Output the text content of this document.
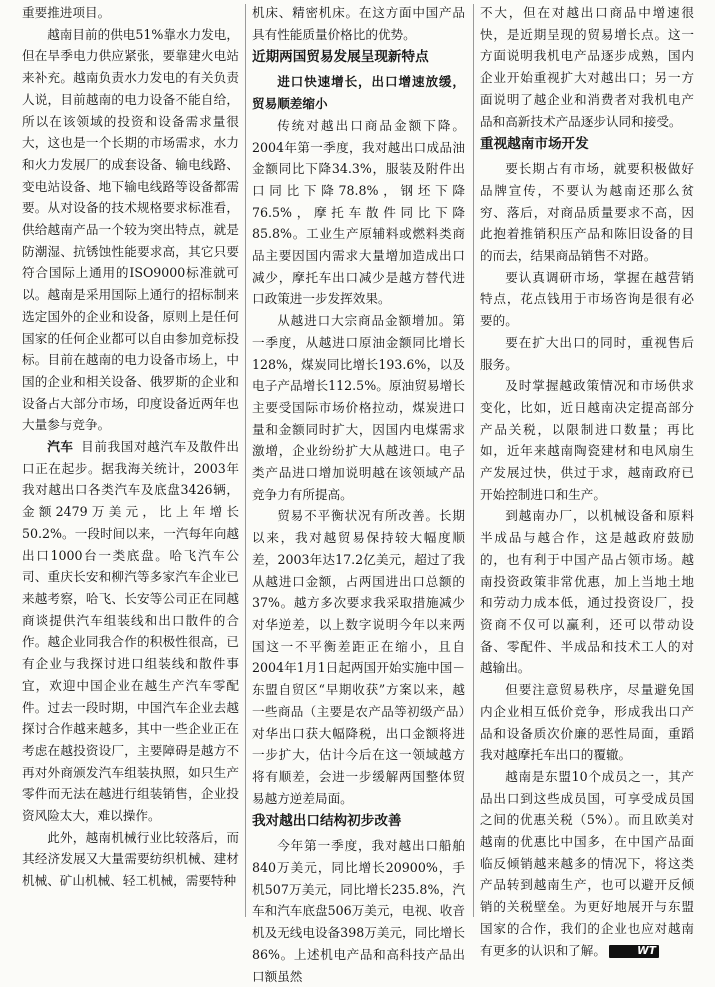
重要推进项目。

越南目前的供电51%靠水力发电，但在旱季电力供应紧张，要靠建火电站来补充。越南负责水力发电的有关负责人说，目前越南的电力设备不能自给，所以在该领域的投资和设备需求量很大，这也是一个长期的市场需求，水力和火力发展厂的成套设备、输电线路、变电站设备、地下输电线路等设备都需要。从对设备的技术规格要求标准看，供给越南产品一个较为突出特点，就是防潮湿、抗锈蚀性能要求高，其它只要符合国际上通用的ISO9000标准就可以。越南是采用国际上通行的招标制来选定国外的企业和设备，原则上是任何国家的任何企业都可以自由参加竞标投标。目前在越南的电力设备市场上，中国的企业和相关设备、俄罗斯的企业和设备占大部分市场，印度设备近两年也大量参与竞争。

汽车 目前我国对越汽车及散件出口正在起步。据我海关统计，2003年我对越出口各类汽车及底盘3426辆，金额2479万美元，比上年增长50.2%。一段时间以来，一汽每年向越出口1000台一类底盘。哈飞汽车公司、重庆长安和柳汽等多家汽车企业已来越考察，哈飞、长安等公司正在同越商谈提供汽车组装线和出口散件的合作。越企业同我合作的积极性很高，已有企业与我探讨进口组装线和散件事宜，欢迎中国企业在越生产汽车零配件。过去一段时期，中国汽车企业去越探讨合作越来越多，其中一些企业正在考虑在越投资设厂，主要障碍是越方不再对外商颁发汽车组装执照，如只生产零件而无法在越进行组装销售，企业投资风险太大，难以操作。

此外，越南机械行业比较落后，而其经济发展又大量需要纺织机械、建材机械、矿山机械、轻工机械，需要特种

机床、精密机床。在这方面中国产品具有性能质量价格比的优势。

近期两国贸易发展呈现新特点

进口快速增长，出口增速放缓，贸易顺差缩小

传统对越出口商品金额下降。2004年第一季度，我对越出口成品油金额同比下降34.3%，服装及附件出口同比下降78.8%，钢坯下降76.5%，摩托车散件同比下降85.8%。工业生产原辅料或燃料类商品主要因国内需求大量增加造成出口减少，摩托车出口减少是越方替代进口政策进一步发挥效果。

从越进口大宗商品金额增加。第一季度，从越进口原油金额同比增长128%，煤炭同比增长193.6%，以及电子产品增长112.5%。原油贸易增长主要受国际市场价格拉动，煤炭进口量和金额同时扩大，因国内电煤需求激增，企业纷纷扩大从越进口。电子类产品进口增加说明越在该领域产品竞争力有所提高。

贸易不平衡状况有所改善。长期以来，我对越贸易保持较大幅度顺差，2003年达17.2亿美元，超过了我从越进口金额，占两国进出口总额的37%。越方多次要求我采取措施减少对华逆差，以上数字说明今年以来两国这一不平衡差距正在缩小，且自2004年1月1日起两国开始实施中国－东盟自贸区“早期收获”方案以来，越一些商品（主要是农产品等初级产品）对华出口获大幅降税，出口金额将进一步扩大，估计今后在这一领域越方将有顺差，会进一步缓解两国整体贸易越方逆差局面。

我对越出口结构初步改善

今年第一季度，我对越出口船舶840万美元，同比增长20900%，手机507万美元，同比增长235.8%，汽车和汽车底盘506万美元，电视、收音机及无线电设备398万美元，同比增长86%。上述机电产品和高科技产品出口额虽然

不大，但在对越出口商品中增速很快，是近期呈现的贸易增长点。这一方面说明我机电产品逐步成熟，国内企业开始重视扩大对越出口；另一方面说明了越企业和消费者对我机电产品和高新技术产品逐步认同和接受。

重视越南市场开发

要长期占有市场，就要积极做好品牌宣传，不要认为越南还那么贫穷、落后，对商品质量要求不高，因此抱着推销积压产品和陈旧设备的目的而去，结果商品销售不对路。

要认真调研市场，掌握在越营销特点，花点钱用于市场咨询是很有必要的。

要在扩大出口的同时，重视售后服务。

及时掌握越政策情况和市场供求变化，比如，近日越南决定提高部分产品关税，以限制进口数量；再比如，近年来越南陶瓷建材和电风扇生产发展过快，供过于求，越南政府已开始控制进口和生产。

到越南办厂，以机械设备和原料半成品与越合作，这是越政府鼓励的，也有利于中国产品占领市场。越南投资政策非常优惠，加上当地土地和劳动力成本低，通过投资设厂，投资商不仅可以赢利，还可以带动设备、零配件、半成品和技术工人的对越输出。

但要注意贸易秩序，尽量避免国内企业相互低价竞争，形成我出口产品和设备质次价廉的恶性局面，重蹈我对越摩托车出口的覆辙。

越南是东盟10个成员之一，其产品出口到这些成员国，可享受成员国之间的优惠关税（5%）。而且欧美对越南的优惠比中国多，在中国产品面临反倾销越来越多的情况下，将这类产品转到越南生产，也可以避开反倾销的关税壁垒。为更好地展开与东盟国家的合作，我们的企业也应对越南有更多的认识和了解。	WT
